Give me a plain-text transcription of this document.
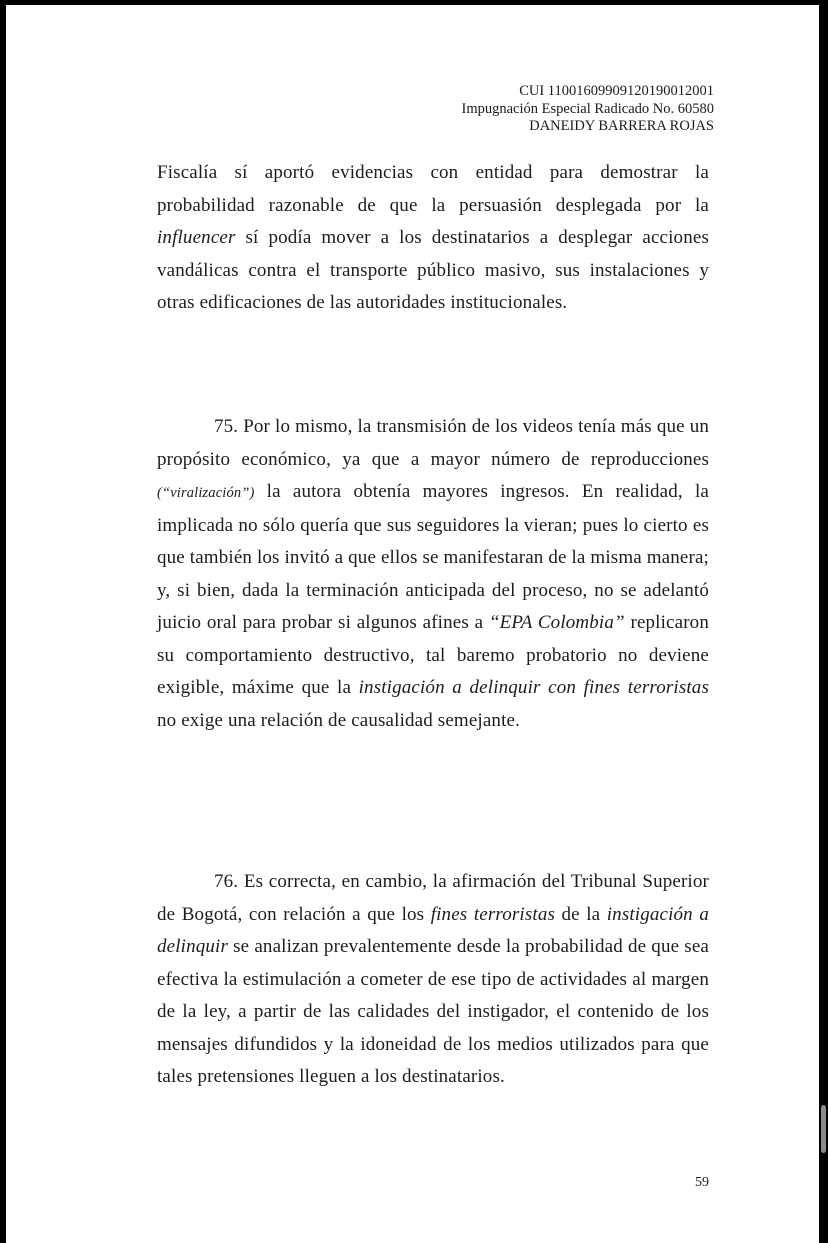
CUI 11001609909120190012001
Impugnación Especial Radicado No. 60580
DANEIDY BARRERA ROJAS
Fiscalía sí aportó evidencias con entidad para demostrar la probabilidad razonable de que la persuasión desplegada por la influencer sí podía mover a los destinatarios a desplegar acciones vandálicas contra el transporte público masivo, sus instalaciones y otras edificaciones de las autoridades institucionales.
75. Por lo mismo, la transmisión de los videos tenía más que un propósito económico, ya que a mayor número de reproducciones (“viralización”) la autora obtenía mayores ingresos. En realidad, la implicada no sólo quería que sus seguidores la vieran; pues lo cierto es que también los invitó a que ellos se manifestaran de la misma manera; y, si bien, dada la terminación anticipada del proceso, no se adelantó juicio oral para probar si algunos afines a “EPA Colombia” replicaron su comportamiento destructivo, tal baremo probatorio no deviene exigible, máxime que la instigación a delinquir con fines terroristas no exige una relación de causalidad semejante.
76. Es correcta, en cambio, la afirmación del Tribunal Superior de Bogotá, con relación a que los fines terroristas de la instigación a delinquir se analizan prevalentemente desde la probabilidad de que sea efectiva la estimulación a cometer de ese tipo de actividades al margen de la ley, a partir de las calidades del instigador, el contenido de los mensajes difundidos y la idoneidad de los medios utilizados para que tales pretensiones lleguen a los destinatarios.
59
